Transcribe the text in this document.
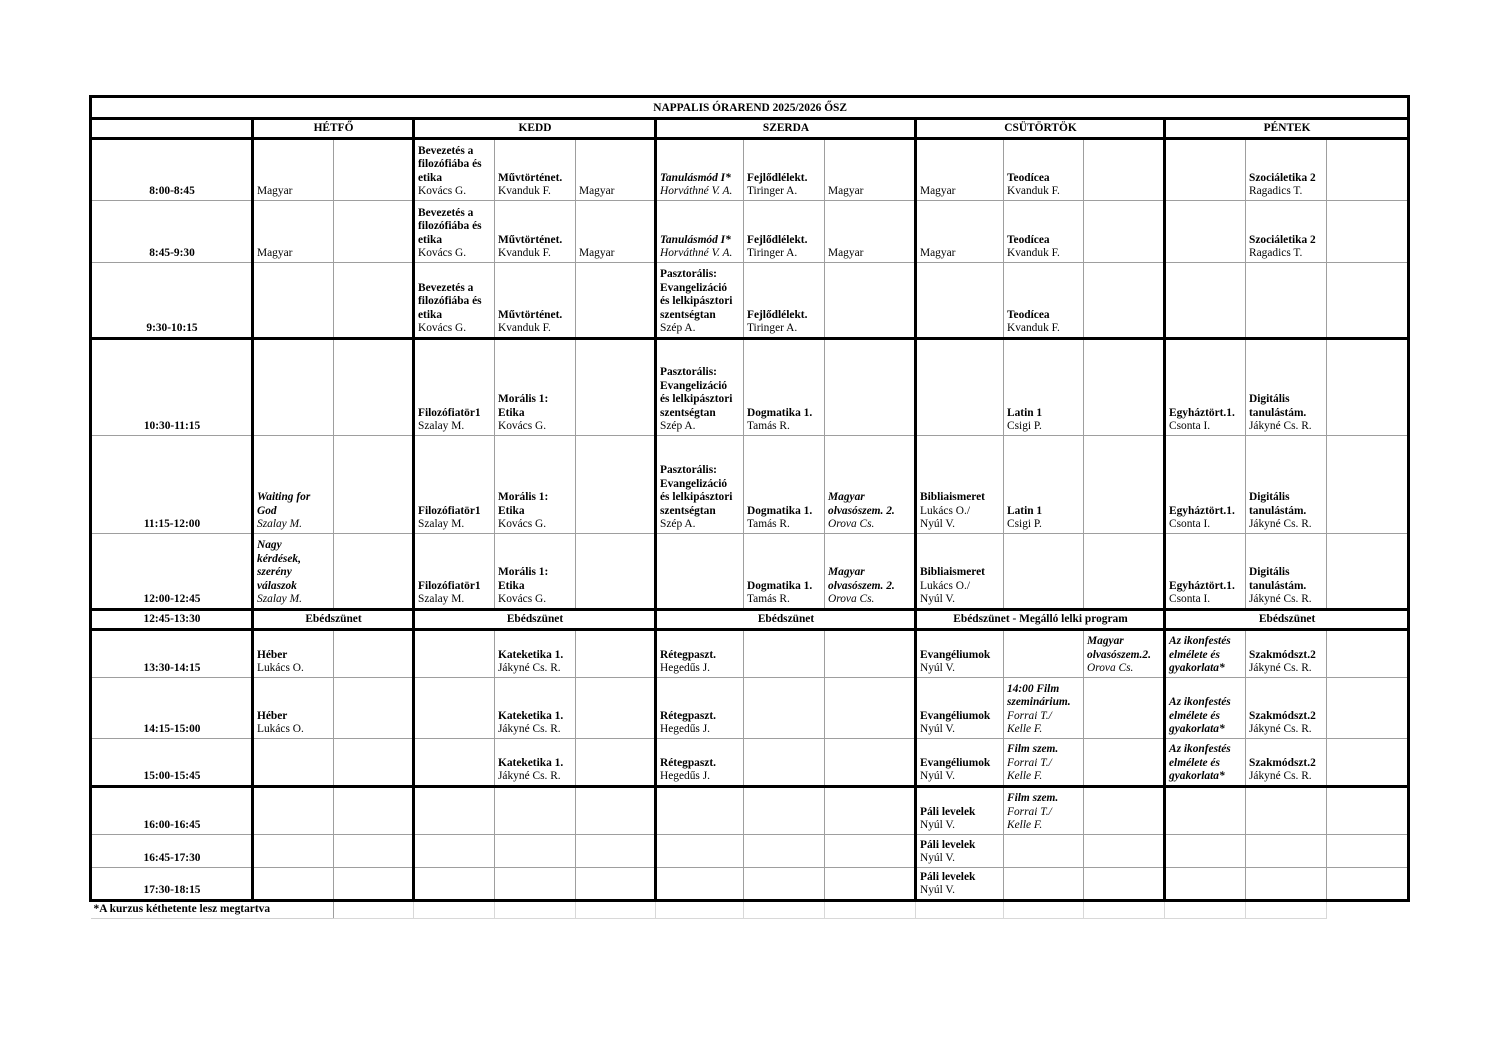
NAPPALIS ÓRAREND 2025/2026 ŐSZ														
	HÉTFŐ		KEDD			SZERDA			CSÜTÖRTÖK			PÉNTEK		
8:00-8:45	Magyar		Bevezetés a
filozófiába és
etika
Kovács G.	Művtörténet.
Kvanduk F.	Magyar	Tanulásmód I*
Horváthné V. A.	Fejlődlélekt.
Tiringer A.	Magyar	Magyar	Teodícea
Kvanduk F.			Szociáletika 2
Ragadics T.	

8:45-9:30	Magyar		Bevezetés a
filozófiába és
etika
Kovács G.	Művtörténet.
Kvanduk F.	Magyar	Tanulásmód I*
Horváthné V. A.	Fejlődlélekt.
Tiringer A.	Magyar	Magyar	Teodícea
Kvanduk F.			Szociáletika 2
Ragadics T.	

9:30-10:15			Bevezetés a
filozófiába és
etika
Kovács G.	Művtörténet.
Kvanduk F.		Pasztorális:
Evangelizáció
és lelkipásztori
szentségtan
Szép A.	Fejlődlélekt.
Tiringer A.			Teodícea
Kvanduk F.				

10:30-11:15			Filozófiatör1
Szalay M.	Morális 1:
Etika
Kovács G.		Pasztorális:
Evangelizáció
és lelkipásztori
szentségtan
Szép A.	Dogmatika 1.
Tamás R.			Latin 1
Csigi P.		Egyháztört.1.
Csonta I.	Digitális
tanulástám.
Jákyné Cs. R.	

11:15-12:00	Waiting for
God
Szalay M.		Filozófiatör1
Szalay M.	Morális 1:
Etika
Kovács G.		Pasztorális:
Evangelizáció
és lelkipásztori
szentségtan
Szép A.	Dogmatika 1.
Tamás R.	Magyar
olvasószem. 2.
Orova Cs.	Bibliaismeret
Lukács O./
Nyúl V.	Latin 1
Csigi P.		Egyháztört.1.
Csonta I.	Digitális
tanulástám.
Jákyné Cs. R.	

12:00-12:45	Nagy
kérdések,
szerény
válaszok
Szalay M.		Filozófiatör1
Szalay M.	Morális 1:
Etika
Kovács G.			Dogmatika 1.
Tamás R.	Magyar
olvasószem. 2.
Orova Cs.	Bibliaismeret
Lukács O./
Nyúl V.			Egyháztört.1.
Csonta I.	Digitális
tanulástám.
Jákyné Cs. R.	

12:45-13:30	Ebédszünet		Ebédszünet			Ebédszünet			Ebédszünet - Megálló lelki program			Ebédszünet		
13:30-14:15	Héber
Lukács O.			Kateketika 1.
Jákyné Cs. R.		Rétegpaszt.
Hegedűs J.			Evangéliumok
Nyúl V.		Magyar
olvasószem.2.
Orova Cs.	Az ikonfestés
elmélete és
gyakorlata*	Szakmódszt.2
Jákyné Cs. R.	

14:15-15:00	Héber
Lukács O.			Kateketika 1.
Jákyné Cs. R.		Rétegpaszt.
Hegedűs J.			Evangéliumok
Nyúl V.	14:00 Film
szeminárium.
Forrai T./
Kelle F.		Az ikonfestés
elmélete és
gyakorlata*	Szakmódszt.2
Jákyné Cs. R.	

15:00-15:45				Kateketika 1.
Jákyné Cs. R.		Rétegpaszt.
Hegedűs J.			Evangéliumok
Nyúl V.	Film szem.
Forrai T./
Kelle F.		Az ikonfestés
elmélete és
gyakorlata*	Szakmódszt.2
Jákyné Cs. R.	

16:00-16:45									Páli levelek
Nyúl V.	Film szem.
Forrai T./
Kelle F.				

16:45-17:30									Páli levelek
Nyúl V.					

17:30-18:15									Páli levelek
Nyúl V.					

*A kurzus kéthetente lesz megtartva														
